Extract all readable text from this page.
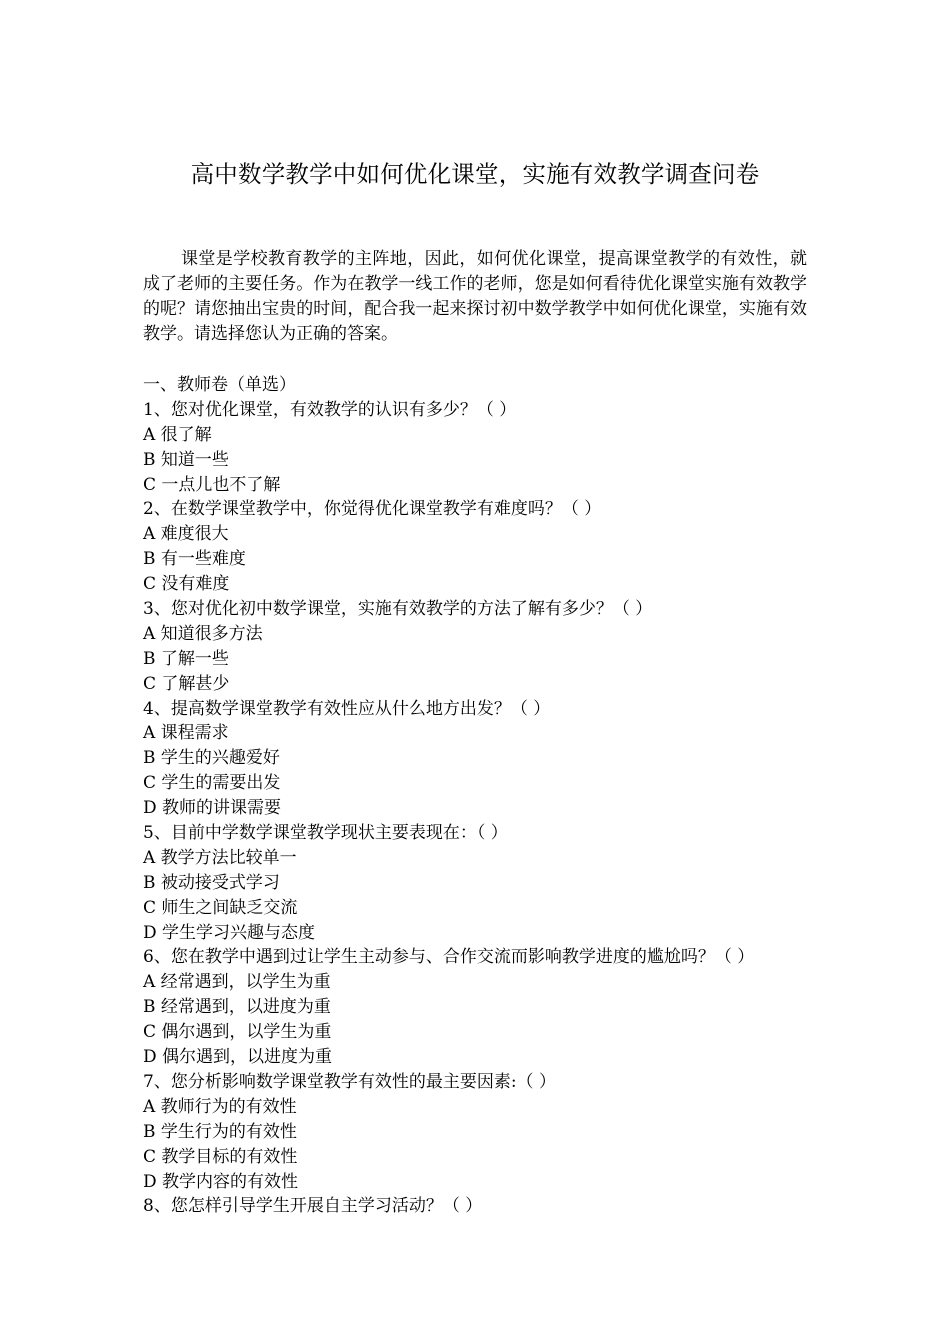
高中数学教学中如何优化课堂，实施有效教学调查问卷

课堂是学校教育教学的主阵地，因此，如何优化课堂，提高课堂教学的有效性，就成了老师的主要任务。作为在教学一线工作的老师，您是如何看待优化课堂实施有效教学的呢？请您抽出宝贵的时间，配合我一起来探讨初中数学教学中如何优化课堂，实施有效教学。请选择您认为正确的答案。

一、教师卷（单选）
1、您对优化课堂，有效教学的认识有多少？（ ）
A 很了解
B 知道一些
C 一点儿也不了解
2、在数学课堂教学中，你觉得优化课堂教学有难度吗？（ ）
A 难度很大
B 有一些难度
C 没有难度
3、您对优化初中数学课堂，实施有效教学的方法了解有多少？（ ）
A 知道很多方法
B 了解一些
C 了解甚少
4、提高数学课堂教学有效性应从什么地方出发？（ ）
A 课程需求
B 学生的兴趣爱好
C 学生的需要出发
D 教师的讲课需要
5、目前中学数学课堂教学现状主要表现在：（ ）
A 教学方法比较单一
B 被动接受式学习
C 师生之间缺乏交流
D 学生学习兴趣与态度
6、您在教学中遇到过让学生主动参与、合作交流而影响教学进度的尴尬吗？（ ）
A 经常遇到，以学生为重
B 经常遇到，以进度为重
C 偶尔遇到，以学生为重
D 偶尔遇到，以进度为重
7、您分析影响数学课堂教学有效性的最主要因素:（ ）
A 教师行为的有效性
B 学生行为的有效性
C 教学目标的有效性
D 教学内容的有效性
8、您怎样引导学生开展自主学习活动？（ ）
